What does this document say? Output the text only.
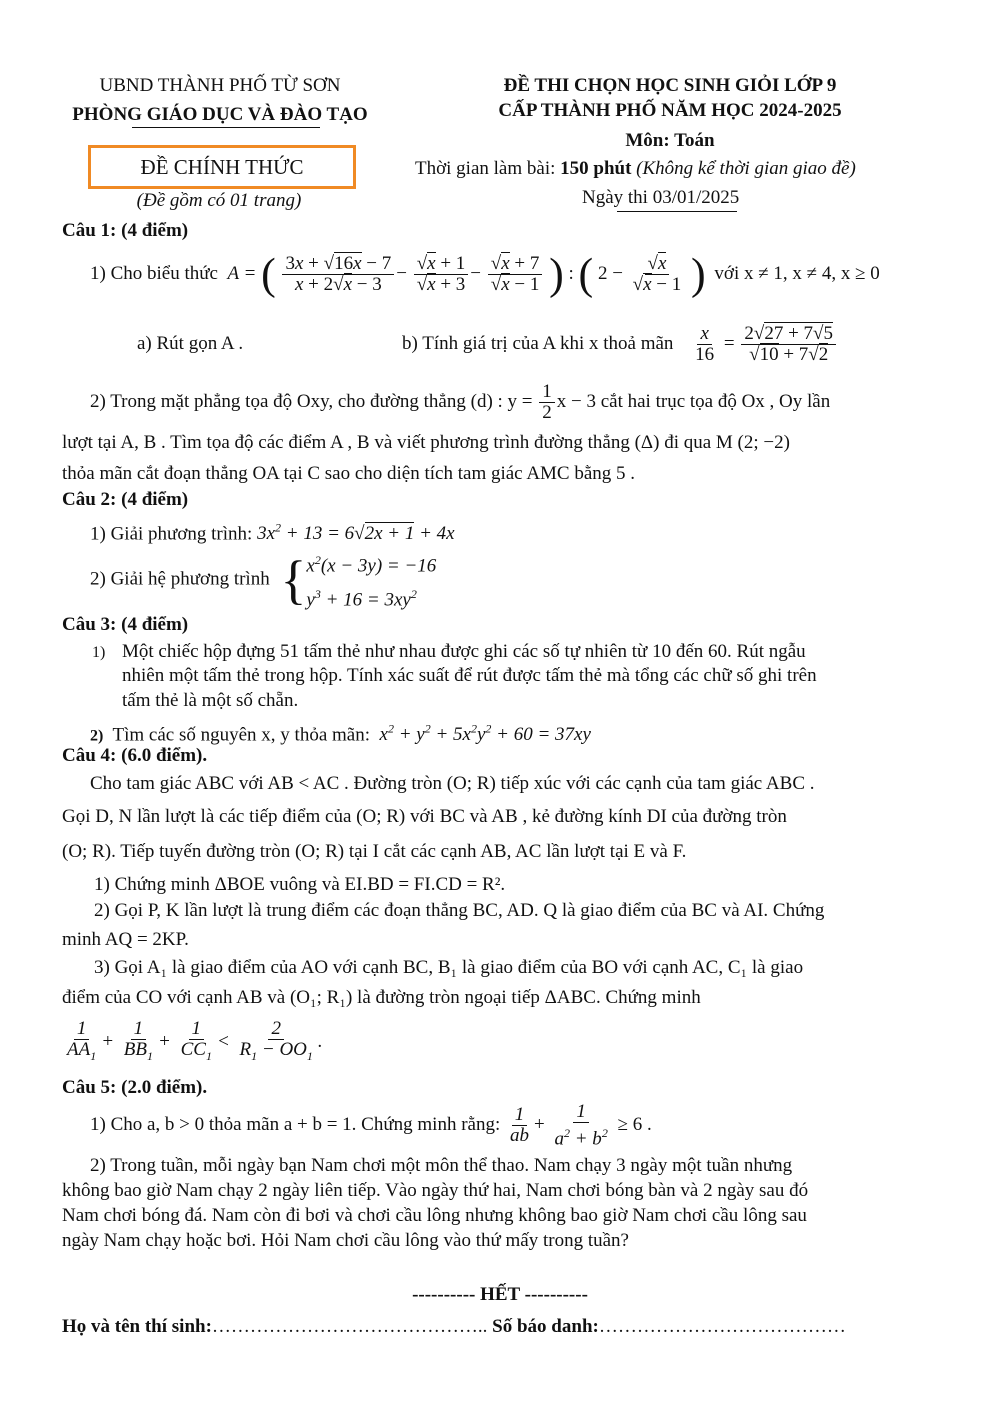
UBND THÀNH PHỐ TỪ SƠN
PHÒNG GIÁO DỤC VÀ ĐÀO TẠO
ĐỀ CHÍNH THỨC
(Đề gồm có 01 trang)
ĐỀ THI CHỌN HỌC SINH GIỎI LỚP 9
CẤP THÀNH PHỐ NĂM HỌC 2024-2025
Môn: Toán
Thời gian làm bài: 150 phút (Không kể thời gian giao đề)
Ngày thi 03/01/2025
Câu 1: (4 điểm)
1) Cho biểu thức  A = ( $\frac{3x + √16x - 7}{x + 2√x - 3} - \frac{√x + 1}{√x + 3} - \frac{√x + 7}{√x - 1}$ ) : ( $2 - \frac{√x}{√x - 1}$ ) với x ≠ 1, x ≠ 4, x ≥ 0
a) Rút gọn A .	b) Tính giá trị của A khi x thoả mãn $\frac{x}{16} = \frac{2√27 + 7√5}{√10 + 7√2}$
2) Trong mặt phẳng tọa độ Oxy, cho đường thẳng (d) : $y = \frac{1}{2}$ x − 3 cắt hai trục tọa độ Ox , Oy lần
lượt tại A, B . Tìm tọa độ các điểm A , B và viết phương trình đường thẳng (Δ) đi qua M (2; −2)
thỏa mãn cắt đoạn thẳng OA tại C sao cho diện tích tam giác AMC bằng 5 .
Câu 2: (4 điểm)
1) Giải phương trình: $3x^2 + 13 = 6√2x + 1 + 4x$
2) Giải hệ phương trình { $x^2(x - 3y) = -16$
$y^3 + 16 = 3xy^2$
Câu 3: (4 điểm)
1) Một chiếc hộp đựng 51 tấm thẻ như nhau được ghi các số tự nhiên từ 10 đến 60. Rút ngẫu
nhiên một tấm thẻ trong hộp. Tính xác suất để rút được tấm thẻ mà tổng các chữ số ghi trên
tấm thẻ là một số chẵn.
2) Tìm các số nguyên x, y thỏa mãn:  $x^2 + y^2 + 5x^2y^2 + 60 = 37xy$
Câu 4: (6.0 điểm).
Cho tam giác ABC với AB < AC . Đường tròn (O; R) tiếp xúc với các cạnh của tam giác ABC .
Gọi D, N lần lượt là các tiếp điểm của (O; R) với BC và AB , kẻ đường kính DI của đường tròn
(O; R). Tiếp tuyến đường tròn (O; R) tại I cắt các cạnh AB, AC lần lượt tại E và F.
1) Chứng minh ΔBOE vuông và EI.BD = FI.CD = R².
2) Gọi P, K lần lượt là trung điểm các đoạn thẳng BC, AD. Q là giao điểm của BC và AI. Chứng
minh AQ = 2KP.
3) Gọi A₁ là giao điểm của AO với cạnh BC, B₁ là giao điểm của BO với cạnh AC, C₁ là giao
điểm của CO với cạnh AB và (O₁; R₁) là đường tròn ngoại tiếp ΔABC. Chứng minh
$\frac{1}{AA_1} + \frac{1}{BB_1} + \frac{1}{CC_1} < \frac{2}{R_1 - OO_1}$ .
Câu 5: (2.0 điểm).
1) Cho a, b > 0 thỏa mãn a + b = 1. Chứng minh rằng: $\frac{1}{ab} + \frac{1}{a^2 + b^2} \ge 6$ .
2) Trong tuần, mỗi ngày bạn Nam chơi một môn thể thao. Nam chạy 3 ngày một tuần nhưng
không bao giờ Nam chạy 2 ngày liên tiếp. Vào ngày thứ hai, Nam chơi bóng bàn và 2 ngày sau đó
Nam chơi bóng đá. Nam còn đi bơi và chơi cầu lông nhưng không bao giờ Nam chơi cầu lông sau
ngày Nam chạy hoặc bơi. Hỏi Nam chơi cầu lông vào thứ mấy trong tuần?
---------- HẾT ----------
Họ và tên thí sinh:…………………………………….. Số báo danh:…………………………………
